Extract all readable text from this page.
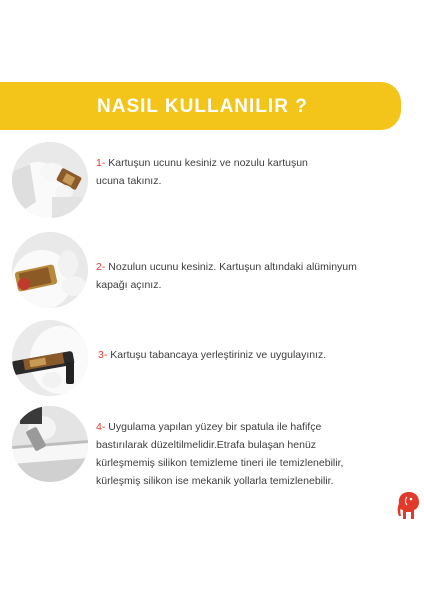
NASIL KULLANILIR ?
1- Kartuşun ucunu kesiniz ve nozulu kartuşun
ucuna takınız.
2- Nozulun ucunu kesiniz. Kartuşun altındaki alüminyum
kapağı açınız.
3- Kartuşu tabancaya yerleştiriniz ve uygulayınız.
4- Uygulama yapılan yüzey bir spatula ile hafifçe
bastırılarak düzeltilmelidir.Etrafa bulaşan henüz
kürleşmemiş silikon temizleme tineri ile temizlenebilir,
kürleşmiş silikon ise mekanik yollarla temizlenebilir.
